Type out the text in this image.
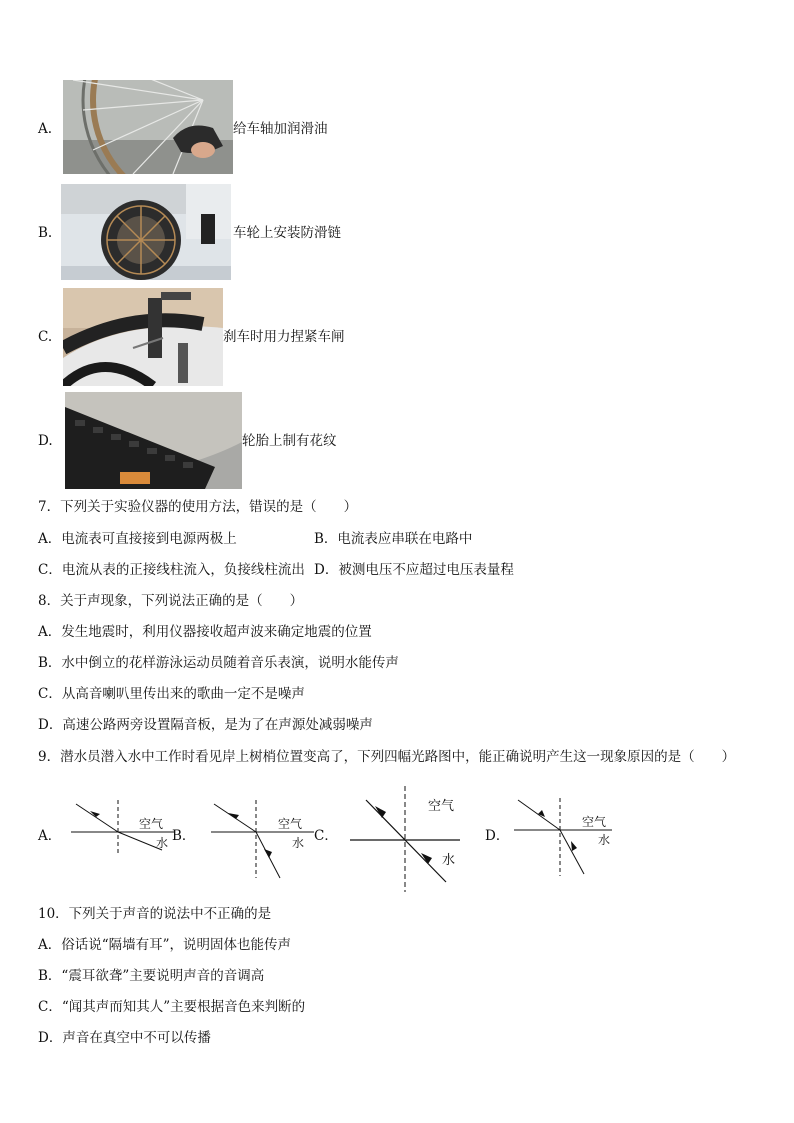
A.	给车轴加润滑油
B.	车轮上安装防滑链
C.	刹车时用力捏紧车闸
D.	轮胎上制有花纹
7．下列关于实验仪器的使用方法，错误的是（　　）
A．电流表可直接接到电源两极上	B．电流表应串联在电路中
C．电流从表的正接线柱流入，负接线柱流出 D．被测电压不应超过电压表量程
8．关于声现象，下列说法正确的是（　　）
A．发生地震时，利用仪器接收超声波来确定地震的位置
B．水中倒立的花样游泳运动员随着音乐表演，说明水能传声
C．从高音喇叭里传出来的歌曲一定不是噪声
D．高速公路两旁设置隔音板，是为了在声源处减弱噪声
9．潜水员潜入水中工作时看见岸上树梢位置变高了，下列四幅光路图中，能正确说明产生这一现象原因的是（　　）
A．
空气
水 B．
空气
水 C．
空气
水
D．
空气
水
10．下列关于声音的说法中不正确的是
A．俗话说“隔墙有耳”，说明固体也能传声
B．“震耳欲聋”主要说明声音的音调高
C．“闻其声而知其人”主要根据音色来判断的
D．声音在真空中不可以传播
